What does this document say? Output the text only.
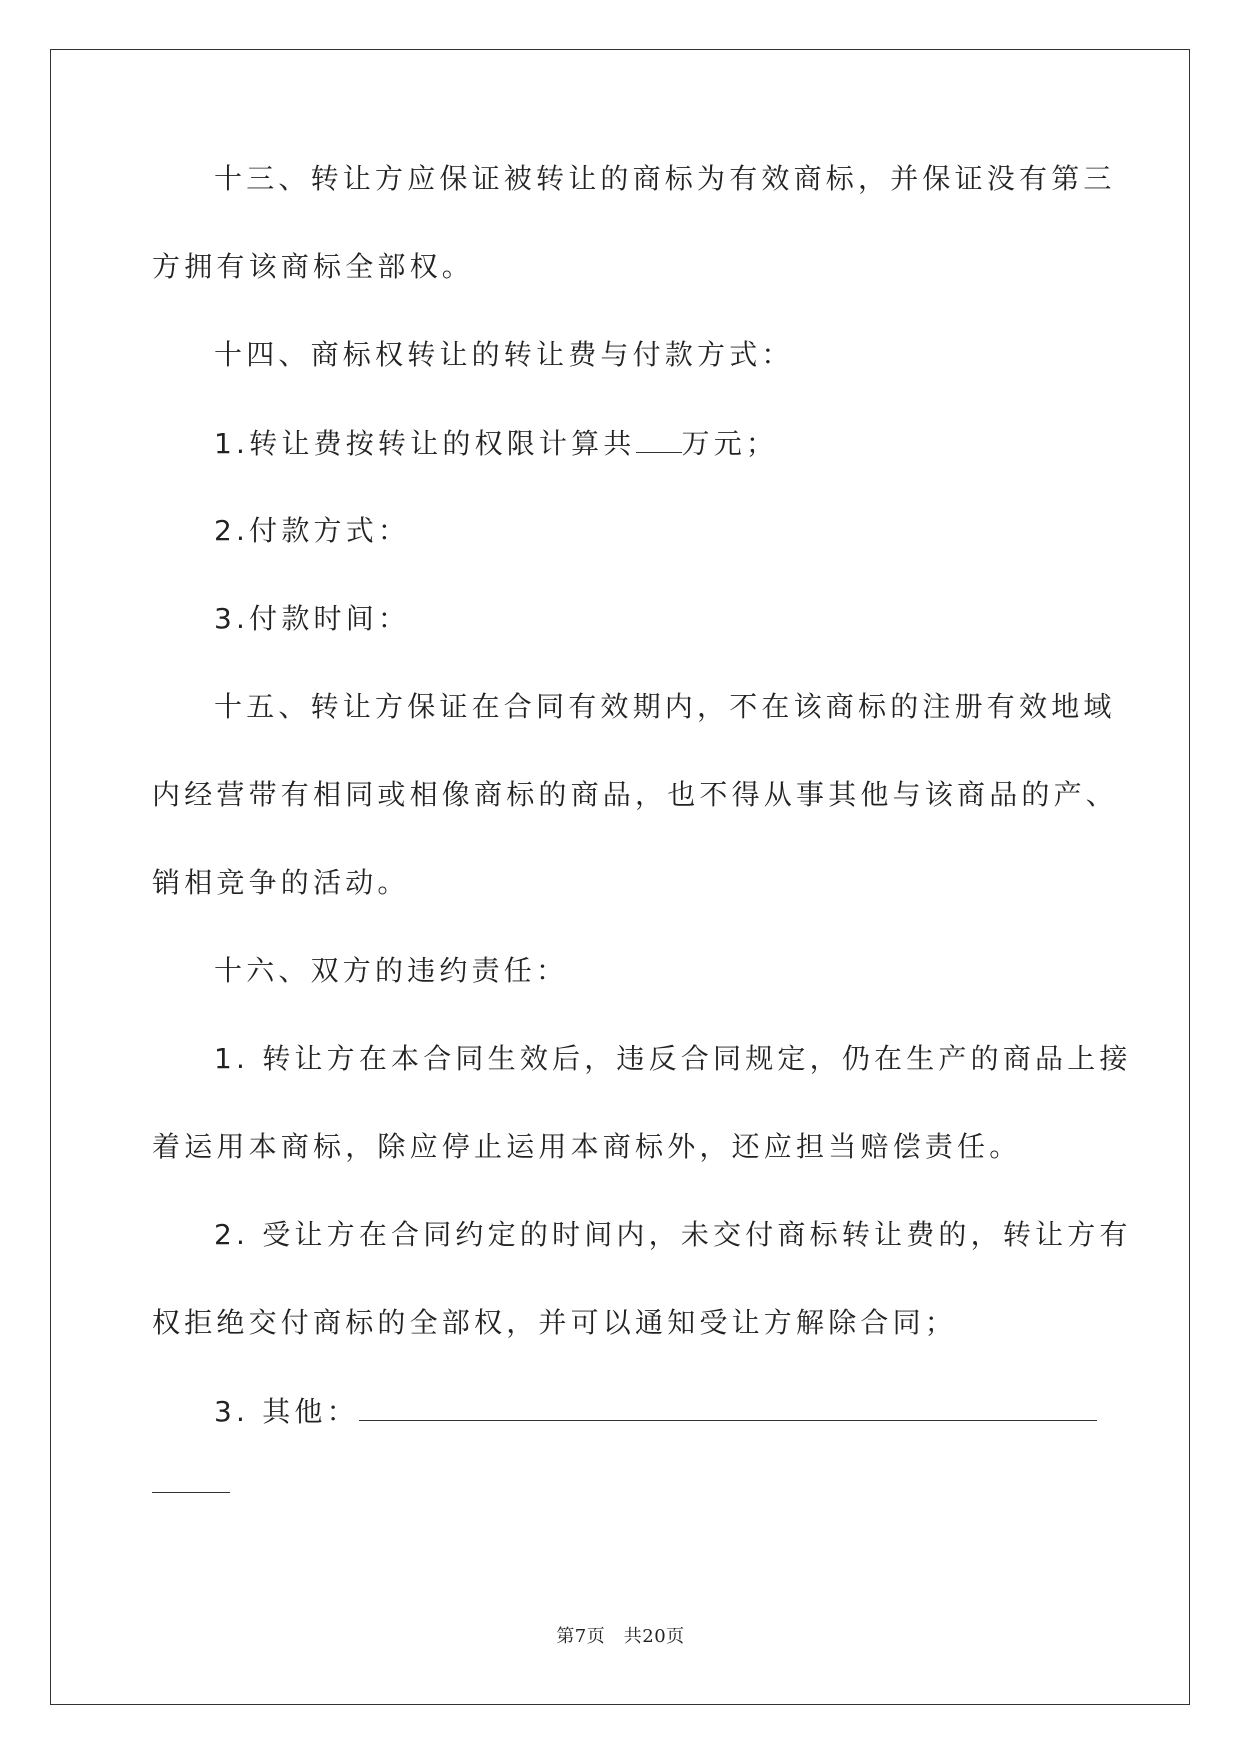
十三、转让方应保证被转让的商标为有效商标，并保证没有第三
方拥有该商标全部权。
十四、商标权转让的转让费与付款方式：
1.转让费按转让的权限计算共 万元；
2.付款方式：
3.付款时间：
十五、转让方保证在合同有效期内，不在该商标的注册有效地域
内经营带有相同或相像商标的商品，也不得从事其他与该商品的产、
销相竞争的活动。
十六、双方的违约责任：
1. 转让方在本合同生效后，违反合同规定，仍在生产的商品上接
着运用本商标，除应停止运用本商标外，还应担当赔偿责任。
2. 受让方在合同约定的时间内，未交付商标转让费的，转让方有
权拒绝交付商标的全部权，并可以通知受让方解除合同；
3. 其他：
第7页　共20页
